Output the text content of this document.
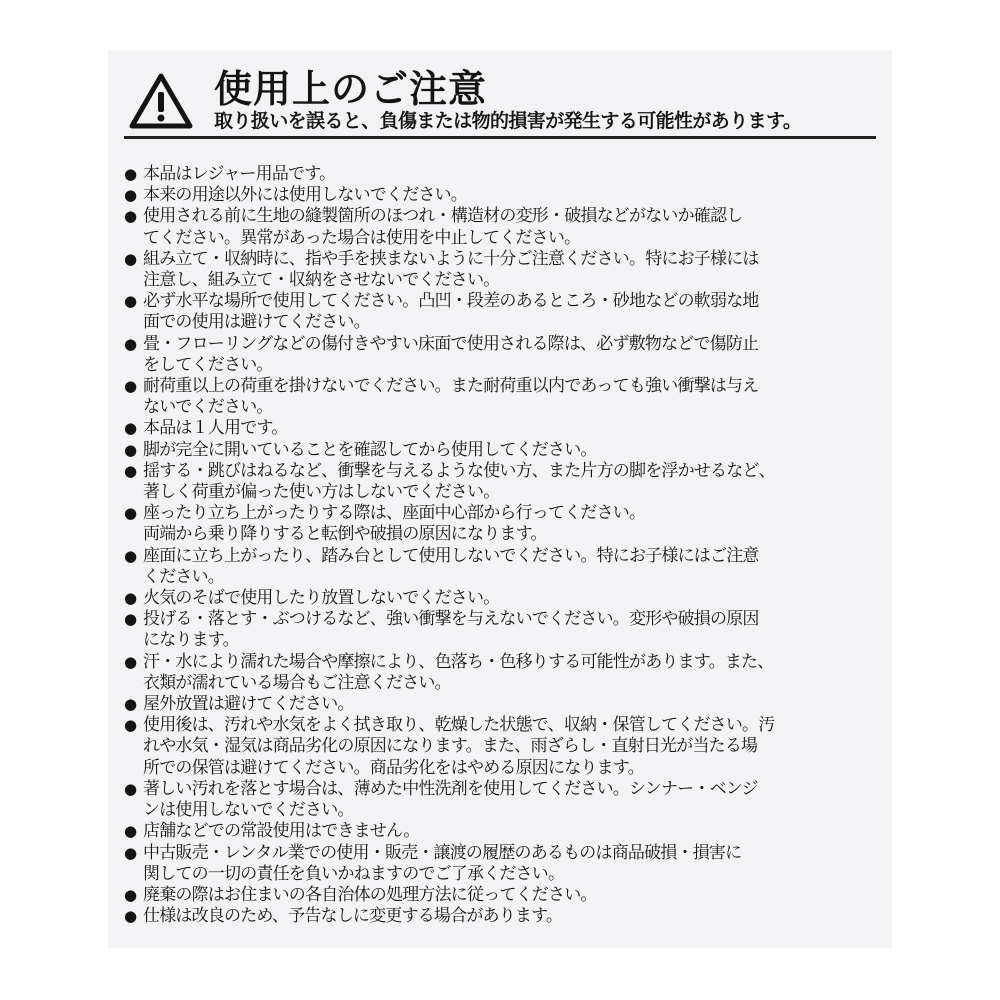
使用上のご注意
取り扱いを誤ると、負傷または物的損害が発生する可能性があります。
● 本品はレジャー用品です。
● 本来の用途以外には使用しないでください。
● 使用される前に生地の縫製箇所のほつれ・構造材の変形・破損などがないか確認し
てください。異常があった場合は使用を中止してください。
● 組み立て・収納時に、指や手を挟まないように十分ご注意ください。特にお子様には
注意し、組み立て・収納をさせないでください。
● 必ず水平な場所で使用してください。凸凹・段差のあるところ・砂地などの軟弱な地
面での使用は避けてください。
● 畳・フローリングなどの傷付きやすい床面で使用される際は、必ず敷物などで傷防止
をしてください。
● 耐荷重以上の荷重を掛けないでください。また耐荷重以内であっても強い衝撃は与え
ないでください。
● 本品は１人用です。
● 脚が完全に開いていることを確認してから使用してください。
● 揺する・跳びはねるなど、衝撃を与えるような使い方、また片方の脚を浮かせるなど、
著しく荷重が偏った使い方はしないでください。
● 座ったり立ち上がったりする際は、座面中心部から行ってください。
両端から乗り降りすると転倒や破損の原因になります。
● 座面に立ち上がったり、踏み台として使用しないでください。特にお子様にはご注意
ください。
● 火気のそばで使用したり放置しないでください。
● 投げる・落とす・ぶつけるなど、強い衝撃を与えないでください。変形や破損の原因
になります。
● 汗・水により濡れた場合や摩擦により、色落ち・色移りする可能性があります。また、
衣類が濡れている場合もご注意ください。
● 屋外放置は避けてください。
● 使用後は、汚れや水気をよく拭き取り、乾燥した状態で、収納・保管してください。汚
れや水気・湿気は商品劣化の原因になります。また、雨ざらし・直射日光が当たる場
所での保管は避けてください。商品劣化をはやめる原因になります。
● 著しい汚れを落とす場合は、薄めた中性洗剤を使用してください。シンナー・ベンジ
ンは使用しないでください。
● 店舗などでの常設使用はできません。
● 中古販売・レンタル業での使用・販売・譲渡の履歴のあるものは商品破損・損害に
関しての一切の責任を負いかねますのでご了承ください。
● 廃棄の際はお住まいの各自治体の処理方法に従ってください。
● 仕様は改良のため、予告なしに変更する場合があります。
